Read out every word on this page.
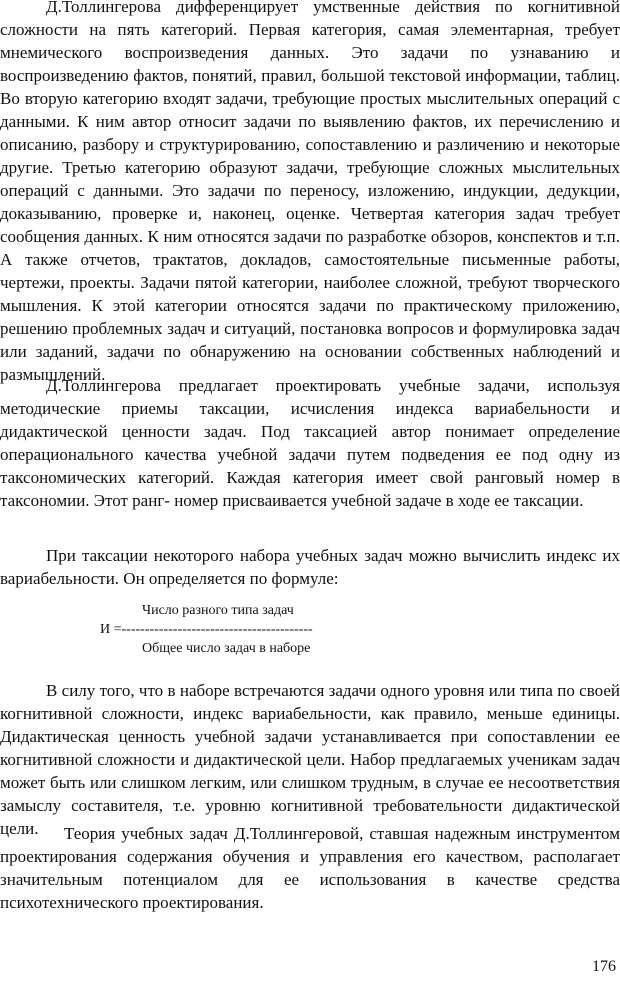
Д.Толлингерова дифференцирует умственные действия по когнитивной сложности на пять категорий. Первая категория, самая элементарная, требует мнемического воспроизведения данных. Это задачи по узнаванию и воспроизведению фактов, понятий, правил, большой текстовой информации, таблиц. Во вторую категорию входят задачи, требующие простых мыслительных операций с данными. К ним автор относит задачи по выявлению фактов, их перечислению и описанию, разбору и структурированию, сопоставлению и различению и некоторые другие. Третью категорию образуют задачи, требующие сложных мыслительных операций с данными. Это задачи по переносу, изложению, индукции, дедукции, доказыванию, проверке и, наконец, оценке. Четвертая категория задач требует сообщения данных. К ним относятся задачи по разработке обзоров, конспектов и т.п. А также отчетов, трактатов, докладов, самостоятельные письменные работы, чертежи, проекты. Задачи пятой категории, наиболее сложной, требуют творческого мышления. К этой категории относятся задачи по практическому приложению, решению проблемных задач и ситуаций, постановка вопросов и формулировка задач или заданий, задачи по обнаружению на основании собственных наблюдений и размышлений.

Д.Толлингерова предлагает проектировать учебные задачи, используя методические приемы таксации, исчисления индекса вариабельности и дидактической ценности задач. Под таксацией автор понимает определение операционального качества учебной задачи путем подведения ее под одну из таксономических категорий. Каждая категория имеет свой ранговый номер в таксономии. Этот ранг- номер присваивается учебной задаче в ходе ее таксации.

При таксации некоторого набора учебных задач можно вычислить индекс их вариабельности. Он определяется по формуле:

Число разного типа задач
И =-----------------------------------------
Общее число задач в наборе

В силу того, что в наборе встречаются задачи одного уровня или типа по своей когнитивной сложности, индекс вариабельности, как правило, меньше единицы. Дидактическая ценность учебной задачи устанавливается при сопоставлении ее когнитивной сложности и дидактической цели. Набор предлагаемых ученикам задач может быть или слишком легким, или слишком трудным, в случае ее несоответствия замыслу составителя, т.е. уровню когнитивной требовательности дидактической цели.	Теория учебных задач Д.Толлингеровой, ставшая надежным инструментом проектирования содержания обучения и управления его качеством, располагает значительным потенциалом для ее использования в качестве средства психотехнического проектирования.

176
